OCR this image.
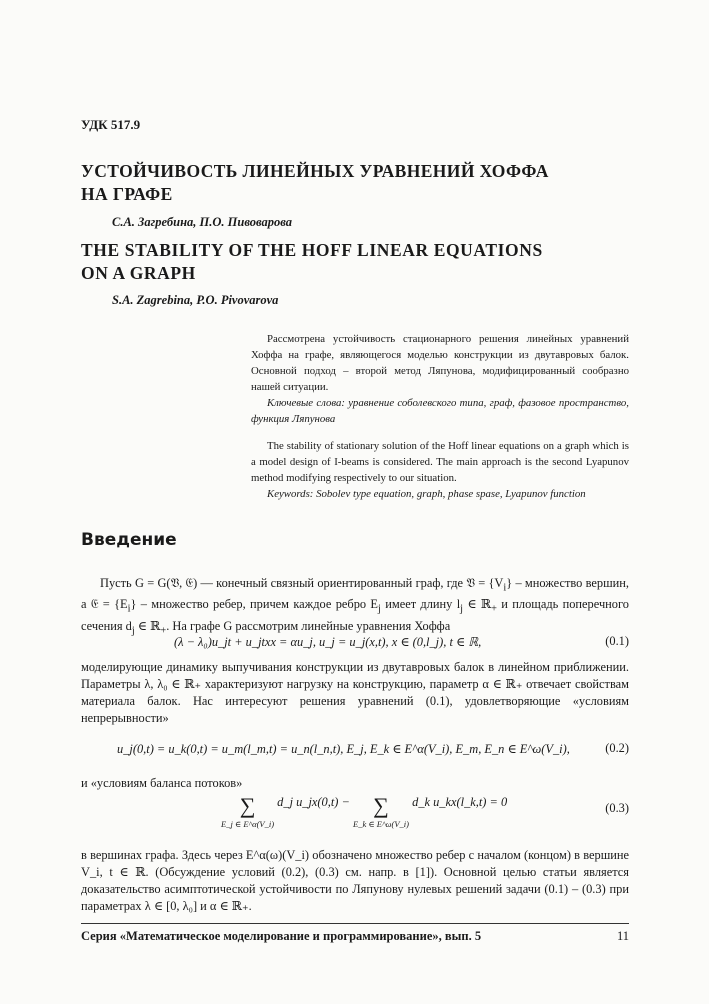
УДК 517.9
УСТОЙЧИВОСТЬ ЛИНЕЙНЫХ УРАВНЕНИЙ ХОФФА
НА ГРАФЕ
С.А. Загребина, П.О. Пивоварова
THE STABILITY OF THE HOFF LINEAR EQUATIONS
ON A GRAPH
S.A. Zagrebina, P.O. Pivovarova

Рассмотрена устойчивость стационарного решения линейных уравнений Хоффа на графе, являющегося моделью конструкции из двутавровых балок. Основной подход – второй метод Ляпунова, модифицированный сообразно нашей ситуации.

Ключевые слова: уравнение соболевского типа, граф, фазовое пространство, функция Ляпунова

The stability of stationary solution of the Hoff linear equations on a graph which is a model design of I-beams is considered. The main approach is the second Lyapunov method modifying respectively to our situation.

Keywords: Sobolev type equation, graph, phase spase, Lyapunov function

Введение

Пусть G = G(𝔙, 𝔈) — конечный связный ориентированный граф, где 𝔙 = $\{V_i\}$ – множество вершин, а 𝔈 = $\{E_i\}$ – множество ребер, причем каждое ребро $E_j$ имеет длину $l_j$ ∈ ℝ$_+$ и площадь поперечного сечения $d_j$ ∈ ℝ$_+$. На графе G рассмотрим линейные уравнения Хоффа

(λ − λ₀)u_jt + u_jtxx = αu_j, u_j = u_j(x,t), x ∈ (0,l_j), t ∈ ℝ,	(0.1)

моделирующие динамику выпучивания конструкции из двутавровых балок в линейном приближении. Параметры λ, λ₀ ∈ ℝ₊ характеризуют нагрузку на конструкцию, параметр α ∈ ℝ₊ отвечает свойствам материала балок. Нас интересуют решения уравнений (0.1), удовлетворяющие «условиям непрерывности»

u_j(0,t) = u_k(0,t) = u_m(l_m,t) = u_n(l_n,t), E_j, E_k ∈ E^α(V_i), E_m, E_n ∈ E^ω(V_i),	(0.2)

и «условиям баланса потоков»

∑
E_j ∈ E^α(V_i)
d_j u_jx(0,t) −	∑
E_k ∈ E^ω(V_i)
d_k u_kx(l_k,t) = 0	(0.3)

в вершинах графа. Здесь через E^α(ω)(V_i) обозначено множество ребер с началом (концом) в вершине V_i, t ∈ ℝ. (Обсуждение условий (0.2), (0.3) см. напр. в [1]). Основной целью статьи является доказательство асимптотической устойчивости по Ляпунову нулевых решений задачи (0.1) – (0.3) при параметрах λ ∈ [0, λ₀] и α ∈ ℝ₊.

Серия «Математическое моделирование и программирование», вып. 5	11
